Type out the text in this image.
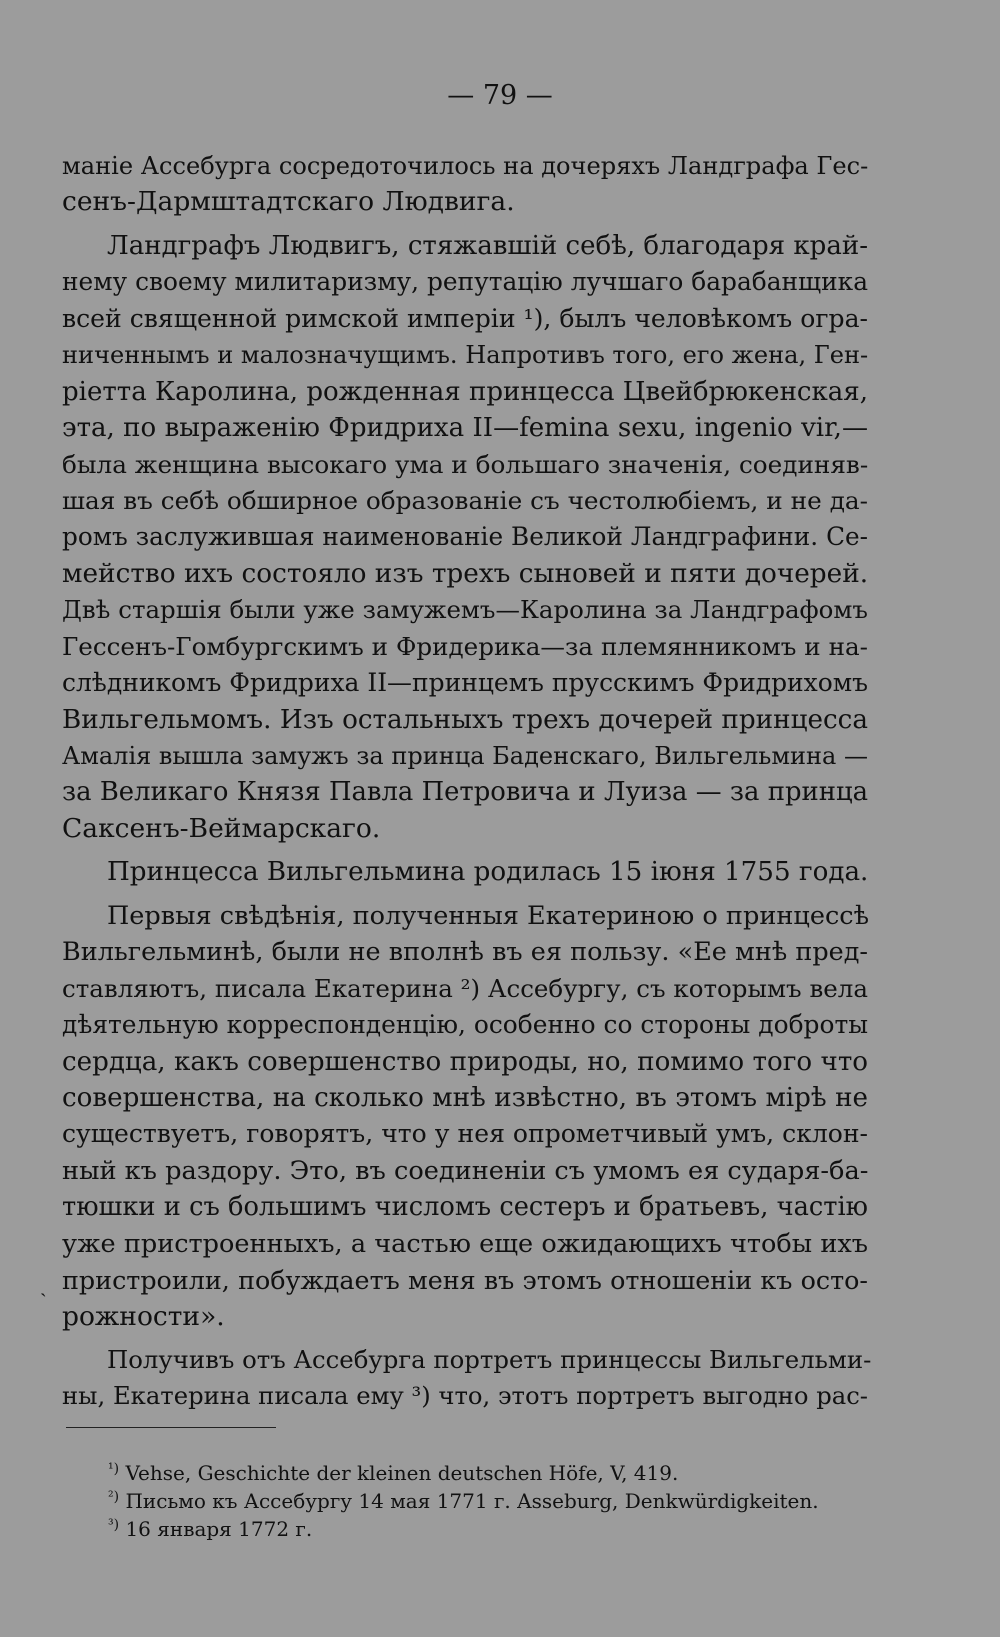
— 79 —
маніе Ассебурга сосредоточилось на дочеряхъ Ландграфа Гес-
сенъ-Дармштадтскаго Людвига.
Ландграфъ Людвигъ, стяжавшій себѣ, благодаря край-
нему своему милитаризму, репутацію лучшаго барабанщика
всей священной римской имперіи ¹), былъ человѣкомъ огра-
ниченнымъ и малозначущимъ. Напротивъ того, его жена, Ген-
ріетта Каролина, рожденная принцесса Цвейбрюкенская,
эта, по выраженію Фридриха II—femina sexu, ingenio vir,—
была женщина высокаго ума и большаго значенія, соединяв-
шая въ себѣ обширное образованіе съ честолюбіемъ, и не да-
ромъ заслужившая наименованіе Великой Ландграфини. Се-
мейство ихъ состояло изъ трехъ сыновей и пяти дочерей.
Двѣ старшія были уже замужемъ—Каролина за Ландграфомъ
Гессенъ-Гомбургскимъ и Фридерика—за племянникомъ и на-
слѣдникомъ Фридриха II—принцемъ прусскимъ Фридрихомъ
Вильгельмомъ. Изъ остальныхъ трехъ дочерей принцесса
Амалія вышла замужъ за принца Баденскаго, Вильгельмина —
за Великаго Князя Павла Петровича и Луиза — за принца
Саксенъ-Веймарскаго.
Принцесса Вильгельмина родилась 15 іюня 1755 года.
Первыя свѣдѣнія, полученныя Екатериною о принцессѣ
Вильгельминѣ, были не вполнѣ въ ея пользу. «Ее мнѣ пред-
ставляютъ, писала Екатерина ²) Ассебургу, съ которымъ вела
дѣятельную корреспонденцію, особенно со стороны доброты
сердца, какъ совершенство природы, но, помимо того что
совершенства, на сколько мнѣ извѣстно, въ этомъ мірѣ не
существуетъ, говорятъ, что у нея опрометчивый умъ, склон-
ный къ раздору. Это, въ соединеніи съ умомъ ея сударя-ба-
тюшки и съ большимъ числомъ сестеръ и братьевъ, частію
уже пристроенныхъ, а частью еще ожидающихъ чтобы ихъ
пристроили, побуждаетъ меня въ этомъ отношеніи къ осто-
рожности».
Получивъ отъ Ассебурга портретъ принцессы Вильгельми-
ны, Екатерина писала ему ³) что, этотъ портретъ выгодно рас-
ˎ
$^{^1)}$ Vehse, Geschichte der kleinen deutschen Höfe, V, 419.
$^{^2)}$ Письмо къ Ассебургу 14 мая 1771 г. Asseburg, Denkwürdigkeiten.
$^{^3)}$ 16 января 1772 г.
